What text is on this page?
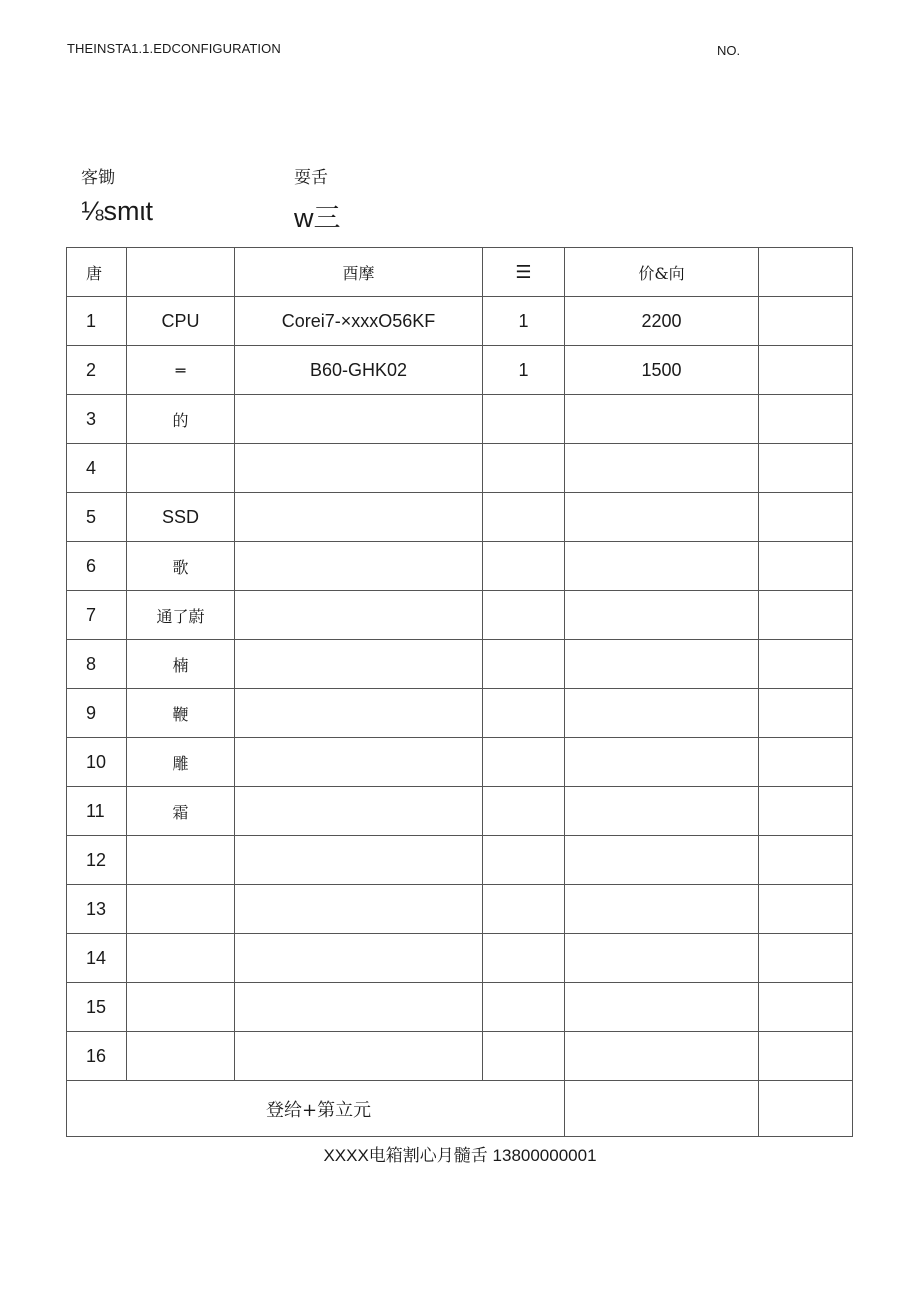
THEINSTA1.1.EDCONFIGURATION	NO.
客锄	耍舌
⅛smιt	w三
唐		酉摩	☰	价&向	
1	CPU	Corei7-×xxxO56KF	1	2200	
2	═	B60-GHK02	1	1500	
3	的				
4					
5	SSD				
6	歌				
7	通了蔚				
8	楠				
9	鞭				
10	雕				
11	霜				
12					
13					
14					
15					
16					
登给+第立元					
XXXX电箱割心月髓舌 13800000001
